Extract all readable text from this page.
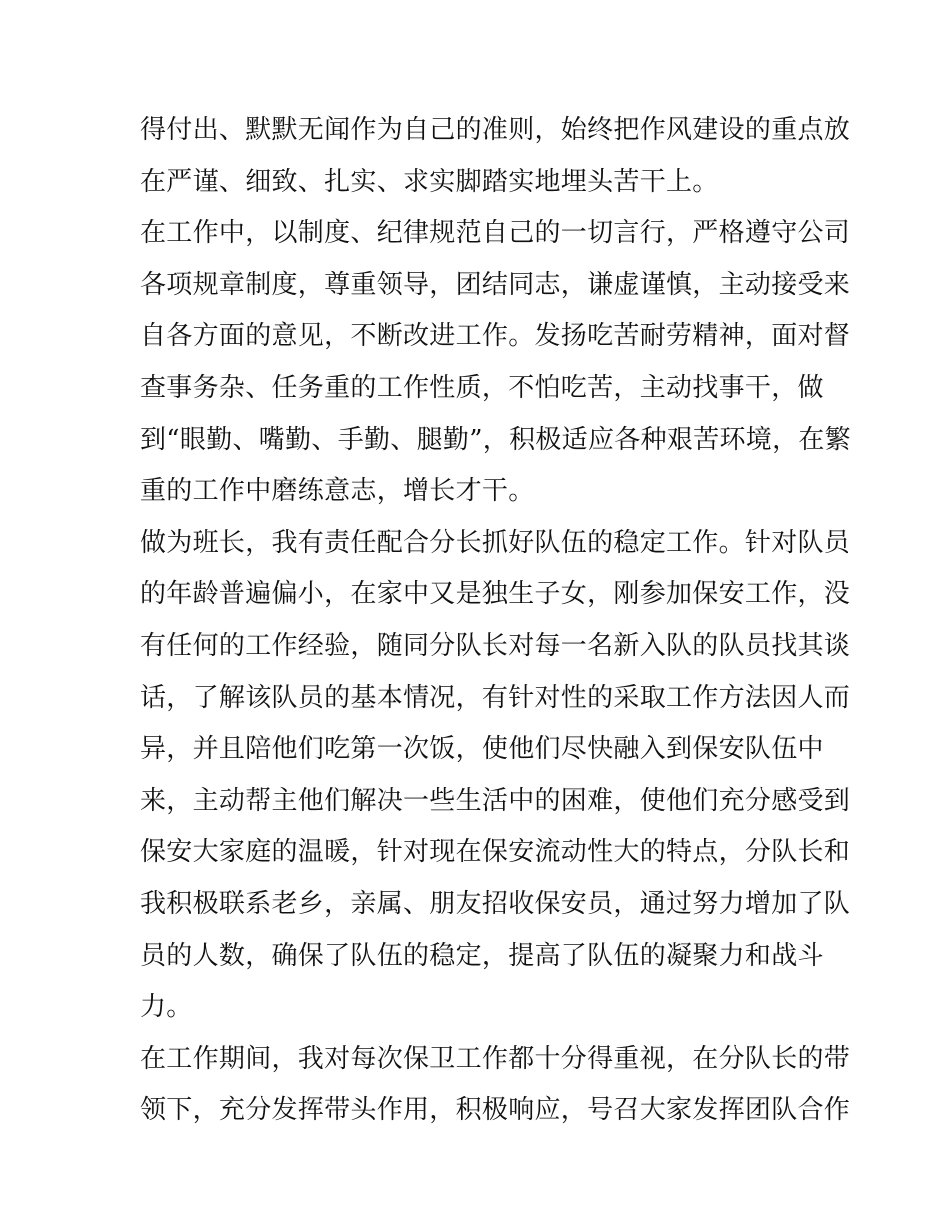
得付出、默默无闻作为自己的准则，始终把作风建设的重点放
在严谨、细致、扎实、求实脚踏实地埋头苦干上。
在工作中，以制度、纪律规范自己的一切言行，严格遵守公司
各项规章制度，尊重领导，团结同志，谦虚谨慎，主动接受来
自各方面的意见，不断改进工作。发扬吃苦耐劳精神，面对督
查事务杂、任务重的工作性质，不怕吃苦，主动找事干，做
到“眼勤、嘴勤、手勤、腿勤”，积极适应各种艰苦环境，在繁
重的工作中磨练意志，增长才干。
做为班长，我有责任配合分长抓好队伍的稳定工作。针对队员
的年龄普遍偏小，在家中又是独生子女，刚参加保安工作，没
有任何的工作经验，随同分队长对每一名新入队的队员找其谈
话，了解该队员的基本情况，有针对性的采取工作方法因人而
异，并且陪他们吃第一次饭，使他们尽快融入到保安队伍中
来，主动帮主他们解决一些生活中的困难，使他们充分感受到
保安大家庭的温暖，针对现在保安流动性大的特点，分队长和
我积极联系老乡，亲属、朋友招收保安员，通过努力增加了队
员的人数，确保了队伍的稳定，提高了队伍的凝聚力和战斗
力。
在工作期间，我对每次保卫工作都十分得重视，在分队长的带
领下，充分发挥带头作用，积极响应，号召大家发挥团队合作
